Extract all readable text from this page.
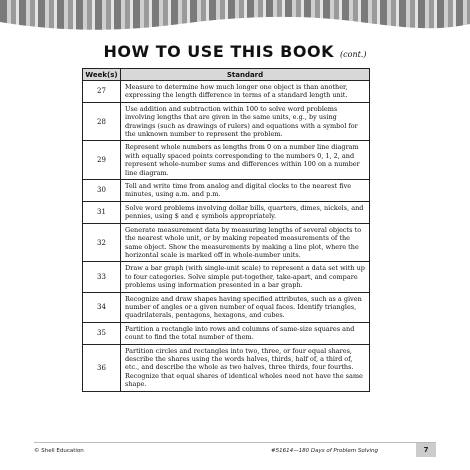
HOW TO USE THIS BOOK (cont.)
Week(s)	Standard
27	Measure to determine how much longer one object is than another, expressing the length difference in terms of a standard length unit.
28	Use addition and subtraction within 100 to solve word problems involving lengths that are given in the same units, e.g., by using drawings (such as drawings of rulers) and equations with a symbol for the unknown number to represent the problem.
29	Represent whole numbers as lengths from 0 on a number line diagram with equally spaced points corresponding to the numbers 0, 1, 2, and represent whole-number sums and differences within 100 on a number line diagram.
30	Tell and write time from analog and digital clocks to the nearest five minutes, using a.m. and p.m.
31	Solve word problems involving dollar bills, quarters, dimes, nickels, and pennies, using $ and ¢ symbols appropriately.
32	Generate measurement data by measuring lengths of several objects to the nearest whole unit, or by making repeated measurements of the same object. Show the measurements by making a line plot, where the horizontal scale is marked off in whole-number units.
33	Draw a bar graph (with single-unit scale) to represent a data set with up to four categories. Solve simple put-together, take-apart, and compare problems using information presented in a bar graph.
34	Recognize and draw shapes having specified attributes, such as a given number of angles or a given number of equal faces. Identify triangles, quadrilaterals, pentagons, hexagons, and cubes.
35	Partition a rectangle into rows and columns of same-size squares and count to find the total number of them.
36	Partition circles and rectangles into two, three, or four equal shares, describe the shares using the words halves, thirds, half of, a third of, etc., and describe the whole as two halves, three thirds, four fourths. Recognize that equal shares of identical wholes need not have the same shape.
© Shell Education	#51614—180 Days of Problem Solving	7
